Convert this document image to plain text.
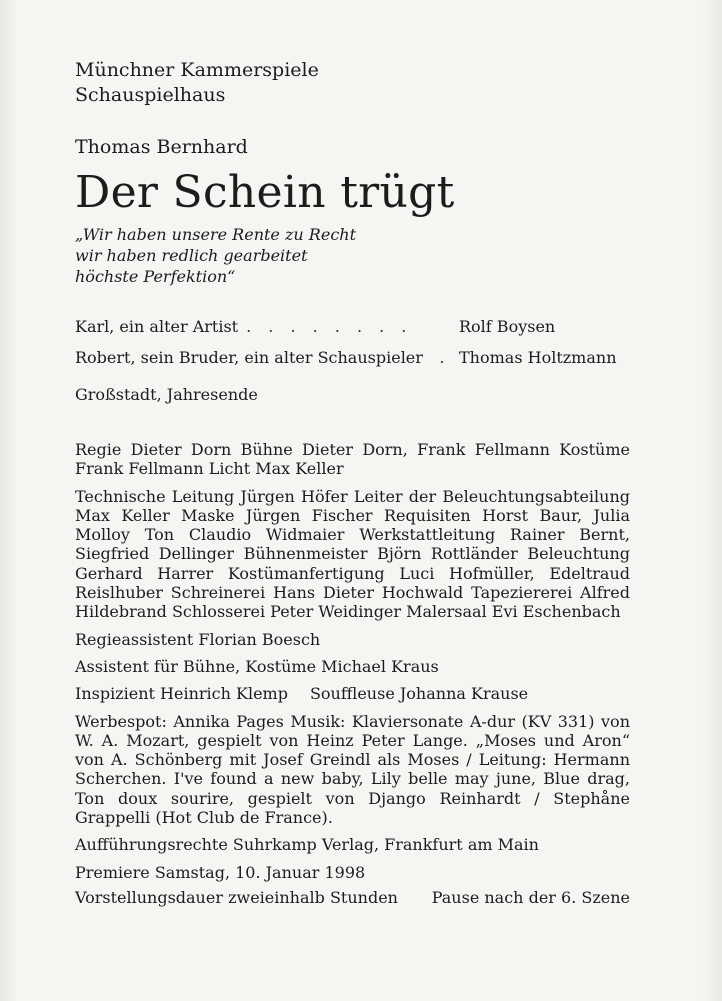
Münchner Kammerspiele
Schauspielhaus
Thomas Bernhard
Der Schein trügt
„Wir haben unsere Rente zu Recht
wir haben redlich gearbeitet
höchste Perfektion“
Karl, ein alter Artist . . . . . . . .	Rolf Boysen
Robert, sein Bruder, ein alter Schauspieler	. Thomas Holtzmann
Großstadt, Jahresende

Regie Dieter Dorn Bühne Dieter Dorn, Frank Fellmann Kostüme Frank Fellmann Licht Max Keller

Technische Leitung Jürgen Höfer Leiter der Beleuchtungsabteilung Max Keller Maske Jürgen Fischer Requisiten Horst Baur, Julia Molloy Ton Claudio Widmaier Werkstattleitung Rainer Bernt, Siegfried Dellinger Bühnenmeister Björn Rottländer Beleuchtung Gerhard Harrer Kostümanfertigung Luci Hofmüller, Edeltraud Reislhuber Schreinerei Hans Dieter Hochwald Tapeziererei Alfred Hildebrand Schlosserei Peter Weidinger Malersaal Evi Eschenbach

Regieassistent Florian Boesch

Assistent für Bühne, Kostüme Michael Kraus

Inspizient Heinrich Klemp Souffleuse Johanna Krause

Werbespot: Annika Pages Musik: Klaviersonate A-dur (KV 331) von W. A. Mozart, gespielt von Heinz Peter Lange. „Moses und Aron“ von A. Schönberg mit Josef Greindl als Moses / Leitung: Hermann Scherchen. I've found a new baby, Lily belle may june, Blue drag, Ton doux sourire, gespielt von Django Reinhardt / Stephåne Grappelli (Hot Club de France).

Aufführungsrechte Suhrkamp Verlag, Frankfurt am Main

Premiere Samstag, 10. Januar 1998

Vorstellungsdauer zweieinhalb Stunden Pause nach der 6. Szene
